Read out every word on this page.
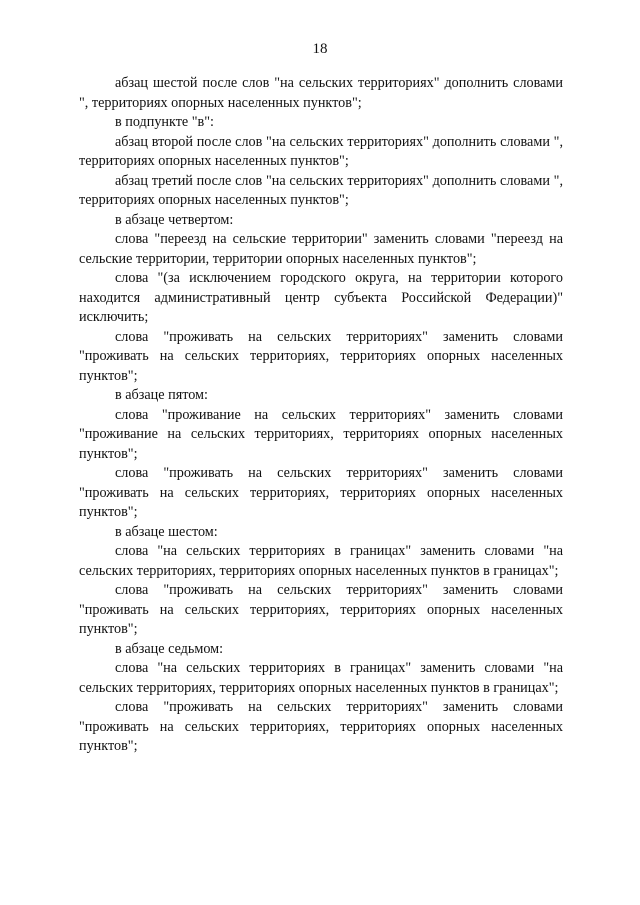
18

абзац шестой после слов "на сельских территориях" дополнить словами ", территориях опорных населенных пунктов";

в подпункте "в":

абзац второй после слов "на сельских территориях" дополнить словами ", территориях опорных населенных пунктов";

абзац третий после слов "на сельских территориях" дополнить словами ", территориях опорных населенных пунктов";

в абзаце четвертом:

слова "переезд на сельские территории" заменить словами "переезд на сельские территории, территории опорных населенных пунктов";

слова "(за исключением городского округа, на территории которого находится административный центр субъекта Российской Федерации)" исключить;

слова "проживать на сельских территориях" заменить словами "проживать на сельских территориях, территориях опорных населенных пунктов";

в абзаце пятом:

слова "проживание на сельских территориях" заменить словами "проживание на сельских территориях, территориях опорных населенных пунктов";

слова "проживать на сельских территориях" заменить словами "проживать на сельских территориях, территориях опорных населенных пунктов";

в абзаце шестом:

слова "на сельских территориях в границах" заменить словами "на сельских территориях, территориях опорных населенных пунктов в границах";

слова "проживать на сельских территориях" заменить словами "проживать на сельских территориях, территориях опорных населенных пунктов";

в абзаце седьмом:

слова "на сельских территориях в границах" заменить словами "на сельских территориях, территориях опорных населенных пунктов в границах";

слова "проживать на сельских территориях" заменить словами "проживать на сельских территориях, территориях опорных населенных пунктов";
